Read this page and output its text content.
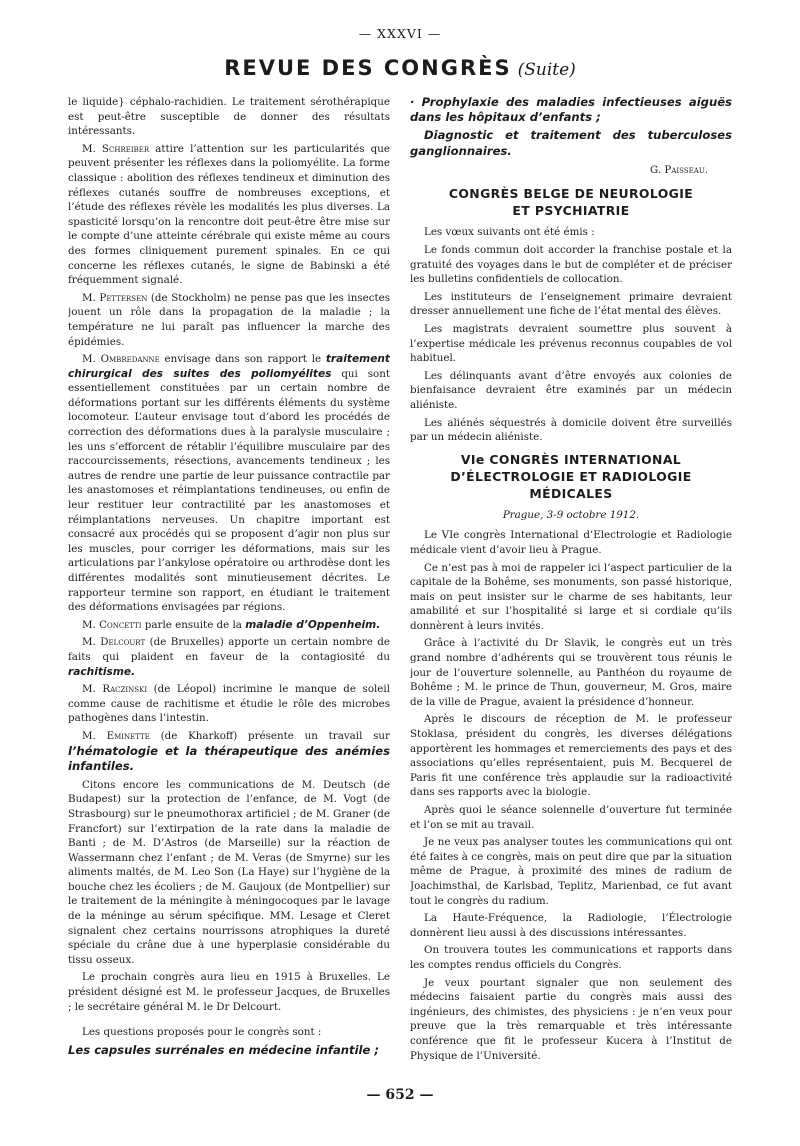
— XXXVI —
REVUE DES CONGRÈS (Suite)

le liquide} céphalo-rachidien. Le traitement sérothérapique est peut-être susceptible de donner des résultats intéressants.

M. Schreiber attire l’attention sur les particularités que peuvent présenter les réflexes dans la poliomyélite. La forme classique : abolition des réflexes tendineux et diminution des réflexes cutanés souffre de nombreuses exceptions, et l’étude des réflexes révèle les modalités les plus diverses. La spasticité lorsqu’on la rencontre doit peut-être être mise sur le compte d’une atteinte cérébrale qui existe même au cours des formes cliniquement purement spinales. En ce qui concerne les réflexes cutanés, le signe de Babinski a été fréquemment signalé.

M. Pettersen (de Stockholm) ne pense pas que les insectes jouent un rôle dans la propagation de la maladie ; la température ne lui paraît pas influencer la marche des épidémies.

M. Ombredanne envisage dans son rapport le traitement chirurgical des suites des poliomyélites qui sont essentiellement constituées par un certain nombre de déformations portant sur les différents éléments du système locomoteur. L’auteur envisage tout d’abord les procédés de correction des déformations dues à la paralysie musculaire ; les uns s’efforcent de rétablir l’équilibre musculaire par des raccourcissements, résections, avancements tendineux ; les autres de rendre une partie de leur puissance contractile par les anastomoses et réimplantations tendineuses, ou enfin de leur restituer leur contractilité par les anastomoses et réimplantations nerveuses. Un chapitre important est consacré aux procédés qui se proposent d’agir non plus sur les muscles, pour corriger les déformations, mais sur les articulations par l’ankylose opératoire ou arthrodèse dont les différentes modalités sont minutieusement décrites. Le rapporteur termine son rapport, en étudiant le traitement des déformations envisagées par régions.

M. Concetti parle ensuite de la maladie d’Oppenheim.

M. Delcourt (de Bruxelles) apporte un certain nombre de faits qui plaident en faveur de la contagiosité du rachitisme.

M. Raczinski (de Léopol) incrimine le manque de soleil comme cause de rachitisme et étudie le rôle des microbes pathogènes dans l’intestin.

M. Eminette (de Kharkoff) présente un travail sur l’hématologie et la thérapeutique des anémies infantiles.

Citons encore les communications de M. Deutsch (de Budapest) sur la protection de l’enfance, de M. Vogt (de Strasbourg) sur le pneumothorax artificiel ; de M. Graner (de Francfort) sur l’extirpation de la rate dans la maladie de Banti ; de M. D’Astros (de Marseille) sur la réaction de Wassermann chez l’enfant ; de M. Veras (de Smyrne) sur les aliments maltés, de M. Leo Son (La Haye) sur l’hygiène de la bouche chez les écoliers ; de M. Gaujoux (de Montpellier) sur le traitement de la méningite à méningocoques par le lavage de la méninge au sérum spécifique. MM. Lesage et Cleret signalent chez certains nourrissons atrophiques la dureté spéciale du crâne due à une hyperplasie considérable du tissu osseux.

Le prochain congrès aura lieu en 1915 à Bruxelles. Le président désigné est M. le professeur Jacques, de Bruxelles ; le secrétaire général M. le Dr Delcourt.

Les questions proposés pour le congrès sont :

Les capsules surrénales en médecine infantile ;

· Prophylaxie des maladies infectieuses aiguës dans les hôpitaux d’enfants ;

Diagnostic et traitement des tuberculoses ganglionnaires.

G. Paisseau.
CONGRÈS BELGE DE NEUROLOGIE
ET PSYCHIATRIE

Les vœux suivants ont été émis :

Le fonds commun doit accorder la franchise postale et la gratuité des voyages dans le but de compléter et de préciser les bulletins confidentiels de collocation.

Les instituteurs de l’enseignement primaire devraient dresser annuellement une fiche de l’état mental des élèves.

Les magistrats devraient soumettre plus souvent à l’expertise médicale les prévenus reconnus coupables de vol habituel.

Les délinquants avant d’être envoyés aux colonies de bienfaisance devraient être examinés par un médecin aliéniste.

Les aliénés séquestrés à domicile doivent être surveillés par un médecin aliéniste.

VIe CONGRÈS INTERNATIONAL
D’ÉLECTROLOGIE ET RADIOLOGIE MÉDICALES
Prague, 3-9 octobre 1912.

Le VIe congrès International d’Electrologie et Radiologie médicale vient d’avoir lieu à Prague.

Ce n’est pas à moi de rappeler ici l’aspect particulier de la capitale de la Bohême, ses monuments, son passé historique, mais on peut insister sur le charme de ses habitants, leur amabilité et sur l’hospitalité si large et si cordiale qu’ils donnèrent à leurs invités.

Grâce à l’activité du Dr Slavik, le congrès eut un très grand nombre d’adhérents qui se trouvèrent tous réunis le jour de l’ouverture solennelle, au Panthéon du royaume de Bohême ; M. le prince de Thun, gouverneur, M. Gros, maire de la ville de Prague, avaient la présidence d’honneur.

Après le discours de réception de M. le professeur Stoklasa, président du congrès, les diverses délégations apportèrent les hommages et remerciements des pays et des associations qu’elles représentaient, puis M. Becquerel de Paris fit une conférence très applaudie sur la radioactivité dans ses rapports avec la biologie.

Après quoi le séance solennelle d’ouverture fut terminée et l’on se mit au travail.

Je ne veux pas analyser toutes les communications qui ont été faites à ce congrès, mais on peut dire que par la situation même de Prague, à proximité des mines de radium de Joachimsthal, de Karlsbad, Teplitz, Marienbad, ce fut avant tout le congrès du radium.

La Haute-Fréquence, la Radiologie, l’Électrologie donnèrent lieu aussi à des discussions intéressantes.

On trouvera toutes les communications et rapports dans les comptes rendus officiels du Congrès.

Je veux pourtant signaler que non seulement des médecins faisaient partie du congrès mais aussi des ingénieurs, des chimistes, des physiciens : je n’en veux pour preuve que la très remarquable et très intéressante conférence que fit le professeur Kucera à l’Institut de Physique de l’Université.

— 652 —
